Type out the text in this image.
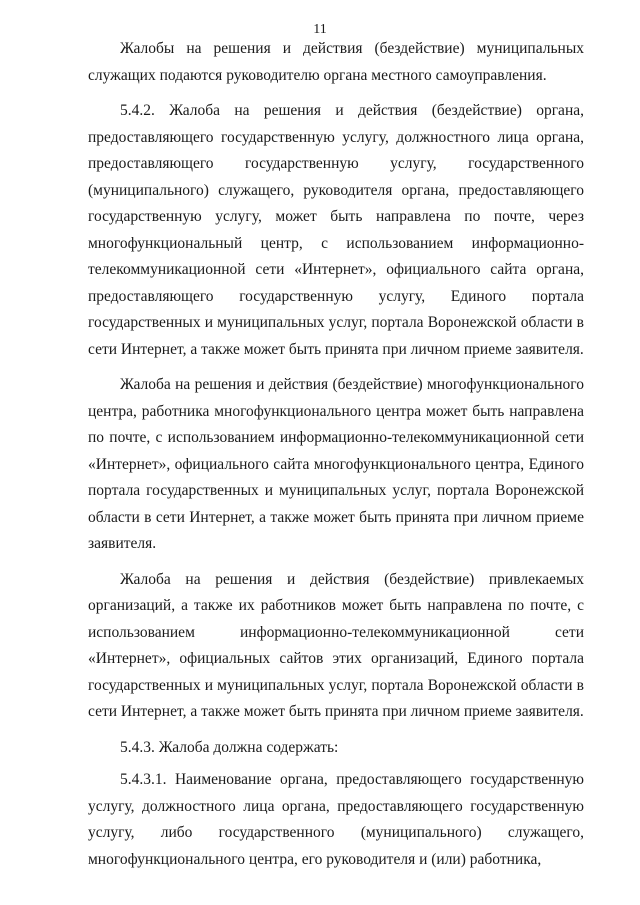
11

Жалобы на решения и действия (бездействие) муниципальных служащих подаются руководителю органа местного самоуправления.

5.4.2. Жалоба на решения и действия (бездействие) органа, предоставляющего государственную услугу, должностного лица органа, предоставляющего государственную услугу, государственного (муниципального) служащего, руководителя органа, предоставляющего государственную услугу, может быть направлена по почте, через многофункциональный центр, с использованием информационно-телекоммуникационной сети «Интернет», официального сайта органа, предоставляющего государственную услугу, Единого портала государственных и муниципальных услуг, портала Воронежской области в сети Интернет, а также может быть принята при личном приеме заявителя.

Жалоба на решения и действия (бездействие) многофункционального центра, работника многофункционального центра может быть направлена по почте, с использованием информационно-телекоммуникационной сети «Интернет», официального сайта многофункционального центра, Единого портала государственных и муниципальных услуг, портала Воронежской области в сети Интернет, а также может быть принята при личном приеме заявителя.

Жалоба на решения и действия (бездействие) привлекаемых организаций, а также их работников может быть направлена по почте, с использованием информационно-телекоммуникационной сети «Интернет», официальных сайтов этих организаций, Единого портала государственных и муниципальных услуг, портала Воронежской области в сети Интернет, а также может быть принята при личном приеме заявителя.

5.4.3. Жалоба должна содержать:

5.4.3.1. Наименование органа, предоставляющего государственную услугу, должностного лица органа, предоставляющего государственную услугу, либо государственного (муниципального) служащего, многофункционального центра, его руководителя и (или) работника,
